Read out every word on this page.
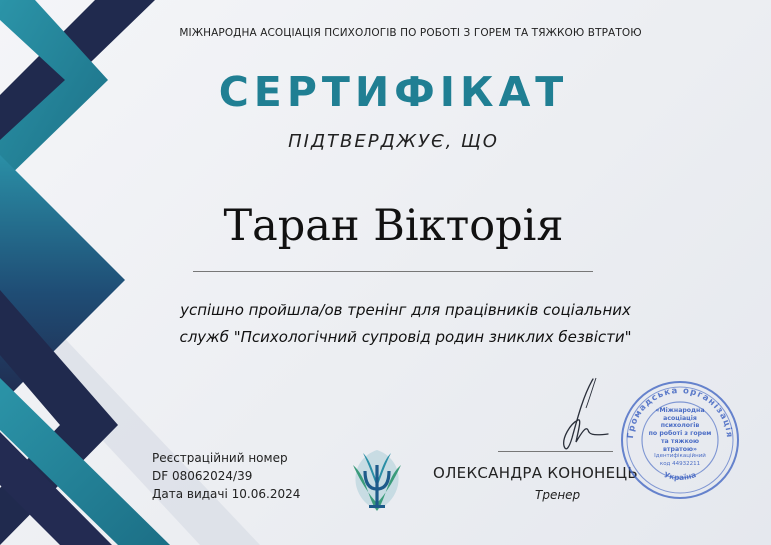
МІЖНАРОДНА АСОЦІАЦІЯ ПСИХОЛОГІВ ПО РОБОТІ З ГОРЕМ ТА ТЯЖКОЮ ВТРАТОЮ
СЕРТИФІКАТ
ПІДТВЕРДЖУЄ, ЩО
Таран Вікторія
успішно пройшла/ов тренінг для працівників соціальних
служб "Психологічний супровід родин зниклих безвісти"
Реєстраційний номер
DF 08062024/39
Дата видачі 10.06.2024
ОЛЕКСАНДРА КОНОНЕЦЬ
Тренер
Громадська організація
Україна
«Міжнародна
асоціація
психологів
по роботі з горем
та тяжкою
втратою»
Ідентифікаційний
код 44932211
